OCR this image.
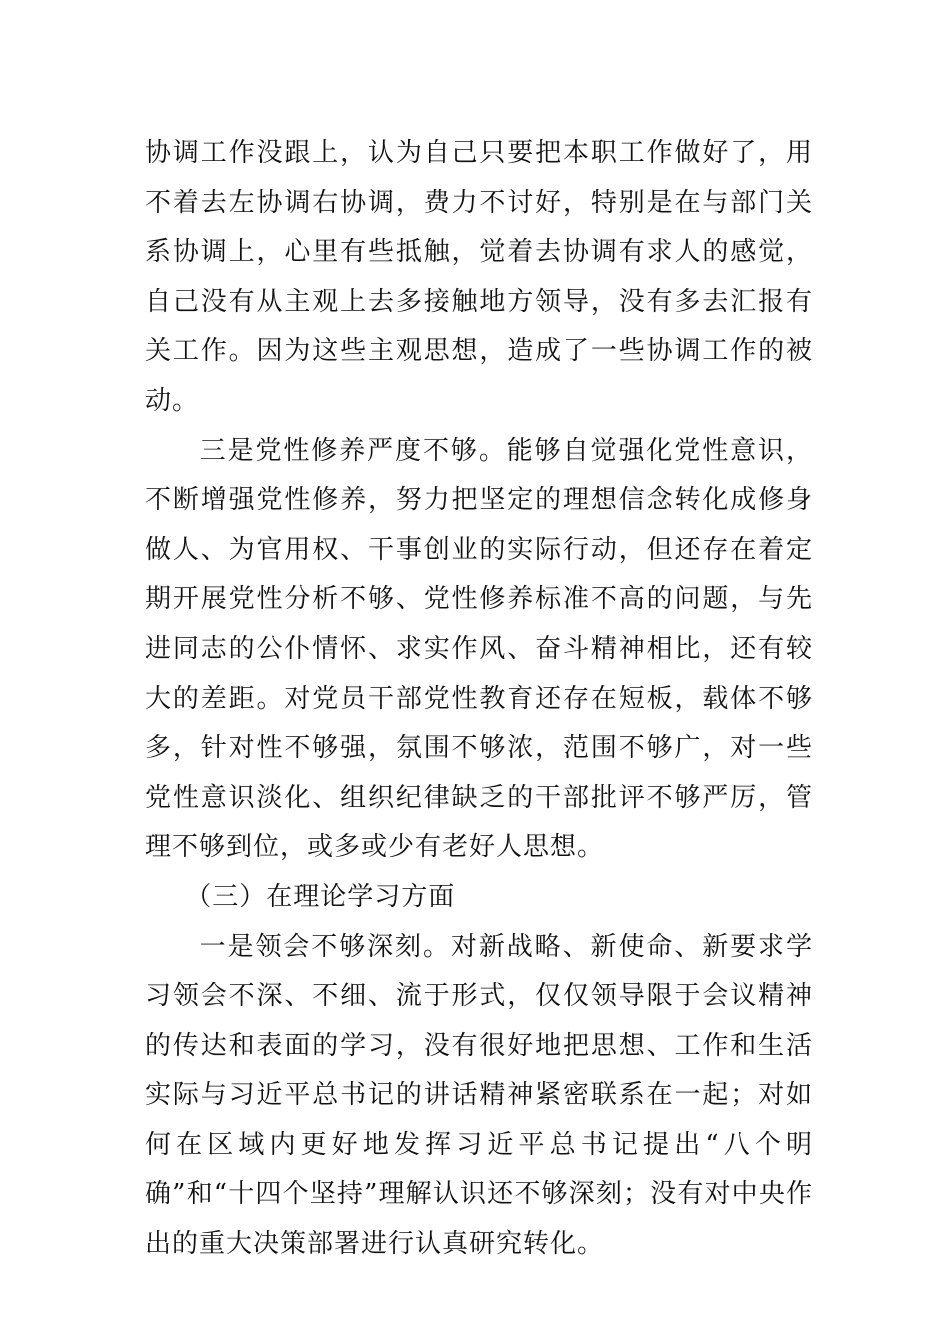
协调工作没跟上，认为自己只要把本职工作做好了，用不着去左协调右协调，费力不讨好，特别是在与部门关系协调上，心里有些抵触，觉着去协调有求人的感觉，自己没有从主观上去多接触地方领导，没有多去汇报有关工作。因为这些主观思想，造成了一些协调工作的被动。

三是党性修养严度不够。能够自觉强化党性意识，不断增强党性修养，努力把坚定的理想信念转化成修身做人、为官用权、干事创业的实际行动，但还存在着定期开展党性分析不够、党性修养标准不高的问题，与先进同志的公仆情怀、求实作风、奋斗精神相比，还有较大的差距。对党员干部党性教育还存在短板，载体不够多，针对性不够强，氛围不够浓，范围不够广，对一些党性意识淡化、组织纪律缺乏的干部批评不够严厉，管理不够到位，或多或少有老好人思想。

（三）在理论学习方面

一是领会不够深刻。对新战略、新使命、新要求学习领会不深、不细、流于形式，仅仅领导限于会议精神的传达和表面的学习，没有很好地把思想、工作和生活实际与习近平总书记的讲话精神紧密联系在一起；对如何在区域内更好地发挥习近平总书记提出“八个明确”和“十四个坚持”理解认识还不够深刻；没有对中央作出的重大决策部署进行认真研究转化。
